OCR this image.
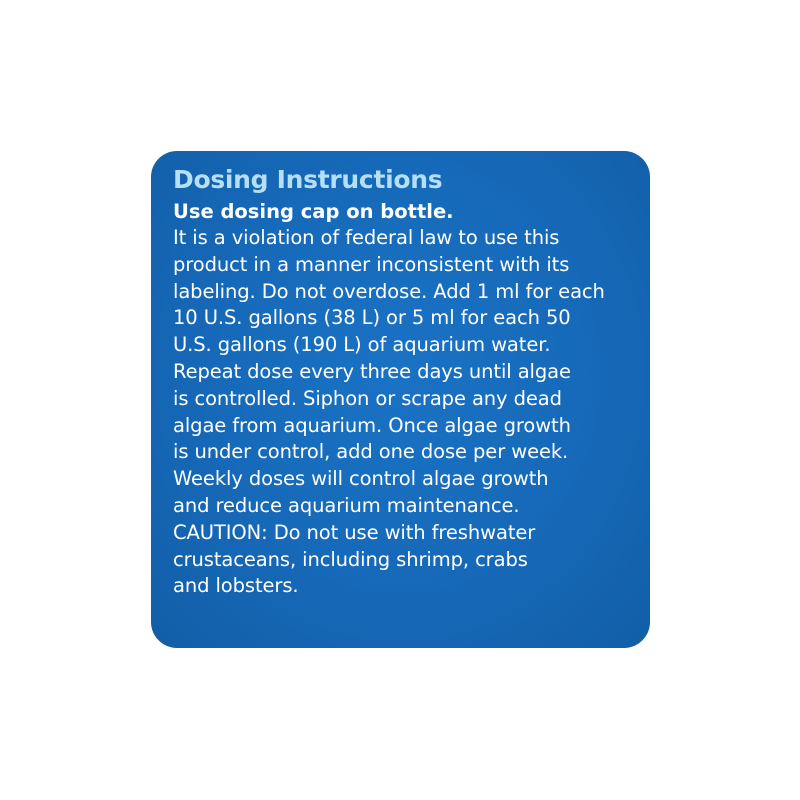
Dosing Instructions

Use dosing cap on bottle.

It is a violation of federal law to use this
product in a manner inconsistent with its
labeling. Do not overdose. Add 1 ml for each
10 U.S. gallons (38 L) or 5 ml for each 50
U.S. gallons (190 L) of aquarium water.
Repeat dose every three days until algae
is controlled. Siphon or scrape any dead
algae from aquarium. Once algae growth
is under control, add one dose per week.
Weekly doses will control algae growth
and reduce aquarium maintenance.
CAUTION: Do not use with freshwater
crustaceans, including shrimp, crabs
and lobsters.
